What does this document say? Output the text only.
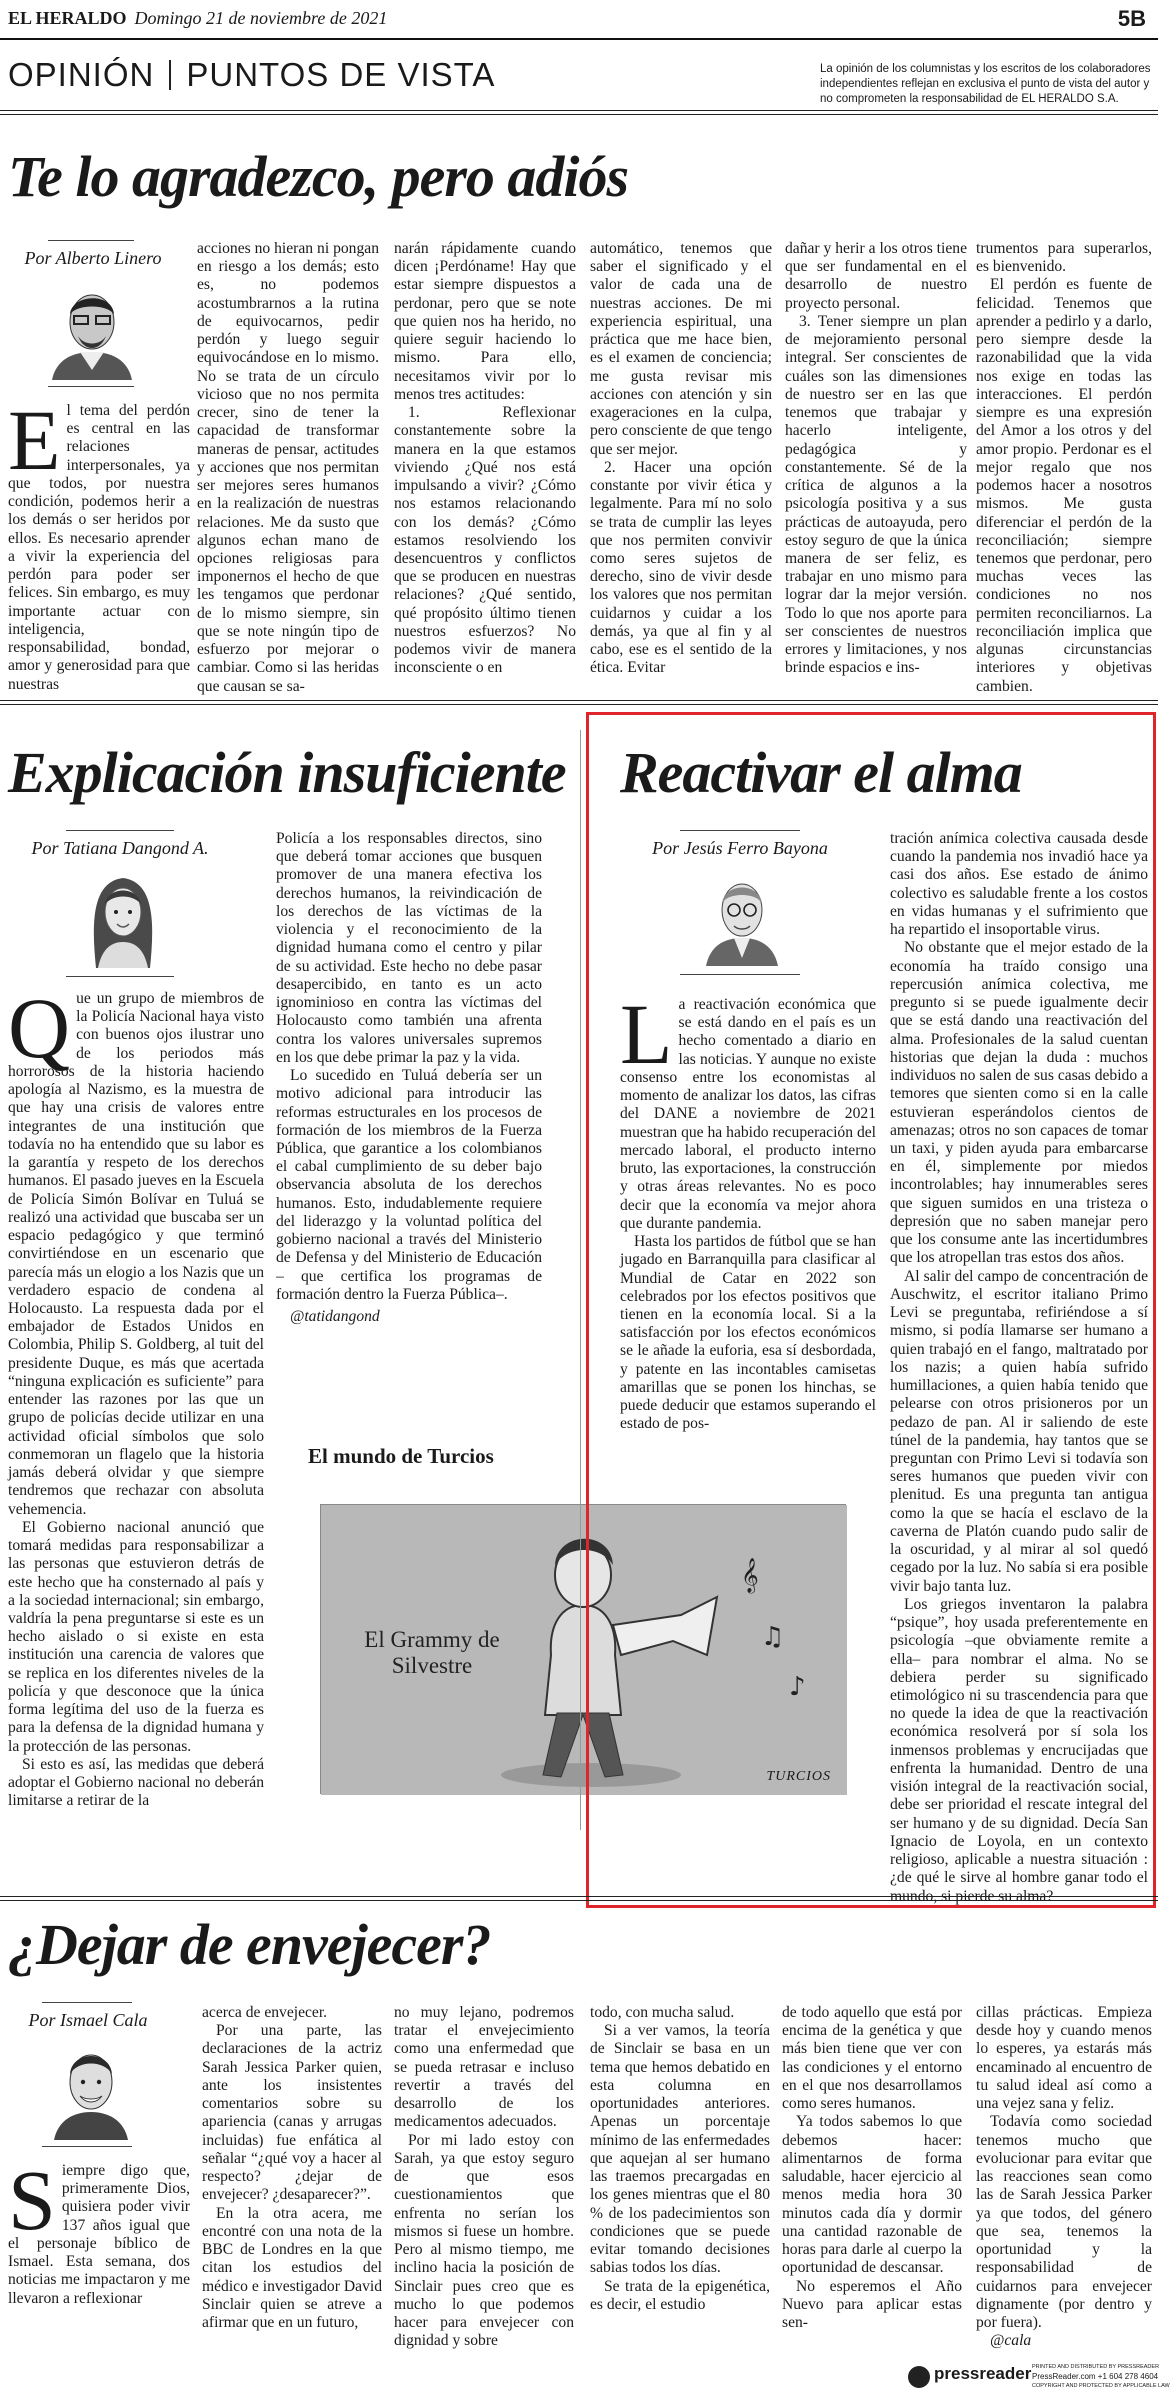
EL HERALDO Domingo 21 de noviembre de 2021	5B
OPINIÓN PUNTOS DE VISTA	La opinión de los columnistas y los escritos de los colaboradores independientes reflejan en exclusiva el punto de vista del autor y no comprometen la responsabilidad de EL HERALDO S.A.
Te lo agradezco, pero adiós
Por Alberto Linero

El tema del perdón es central en las relaciones interpersonales, ya que todos, por nuestra condición, podemos herir a los demás o ser heridos por ellos. Es necesario aprender a vivir la experiencia del perdón para poder ser felices. Sin embargo, es muy importante actuar con inteligencia, responsabilidad, bondad, amor y generosidad para que nuestras

acciones no hieran ni pongan en riesgo a los demás; esto es, no podemos acostumbrarnos a la rutina de equivocarnos, pedir perdón y luego seguir equivocándose en lo mismo. No se trata de un círculo vicioso que no nos permita crecer, sino de tener la capacidad de transformar maneras de pensar, actitudes y acciones que nos permitan ser mejores seres humanos en la realización de nuestras relaciones. Me da susto que algunos echan mano de opciones religiosas para imponernos el hecho de que les tengamos que perdonar de lo mismo siempre, sin que se note ningún tipo de esfuerzo por mejorar o cambiar. Como si las heridas que causan se sa-

narán rápidamente cuando dicen ¡Perdóname! Hay que estar siempre dispuestos a perdonar, pero que se note que quien nos ha herido, no quiere seguir haciendo lo mismo. Para ello, necesitamos vivir por lo menos tres actitudes:

1. Reflexionar constantemente sobre la manera en la que estamos viviendo ¿Qué nos está impulsando a vivir? ¿Cómo nos estamos relacionando con los demás? ¿Cómo estamos resolviendo los desencuentros y conflictos que se producen en nuestras relaciones? ¿Qué sentido, qué propósito último tienen nuestros esfuerzos? No podemos vivir de manera inconsciente o en

automático, tenemos que saber el significado y el valor de cada una de nuestras acciones. De mi experiencia espiritual, una práctica que me hace bien, es el examen de conciencia; me gusta revisar mis acciones con atención y sin exageraciones en la culpa, pero consciente de que tengo que ser mejor.

2. Hacer una opción constante por vivir ética y legalmente. Para mí no solo se trata de cumplir las leyes que nos permiten convivir como seres sujetos de derecho, sino de vivir desde los valores que nos permitan cuidarnos y cuidar a los demás, ya que al fin y al cabo, ese es el sentido de la ética. Evitar

dañar y herir a los otros tiene que ser fundamental en el desarrollo de nuestro proyecto personal.

3. Tener siempre un plan de mejoramiento personal integral. Ser conscientes de cuáles son las dimensiones de nuestro ser en las que tenemos que trabajar y hacerlo inteligente, pedagógica y constantemente. Sé de la crítica de algunos a la psicología positiva y a sus prácticas de autoayuda, pero estoy seguro de que la única manera de ser feliz, es trabajar en uno mismo para lograr dar la mejor versión. Todo lo que nos aporte para ser conscientes de nuestros errores y limitaciones, y nos brinde espacios e ins-

trumentos para superarlos, es bienvenido.

El perdón es fuente de felicidad. Tenemos que aprender a pedirlo y a darlo, pero siempre desde la razonabilidad que la vida nos exige en todas las interacciones. El perdón siempre es una expresión del Amor a los otros y del amor propio. Perdonar es el mejor regalo que nos podemos hacer a nosotros mismos. Me gusta diferenciar el perdón de la reconciliación; siempre tenemos que perdonar, pero muchas veces las condiciones no nos permiten reconciliarnos. La reconciliación implica que algunas circunstancias interiores y objetivas cambien.

Explicación insuficiente
Por Tatiana Dangond A.

Que un grupo de miembros de la Policía Nacional haya visto con buenos ojos ilustrar uno de los periodos más horrorosos de la historia haciendo apología al Nazismo, es la muestra de que hay una crisis de valores entre integrantes de una institución que todavía no ha entendido que su labor es la garantía y respeto de los derechos humanos. El pasado jueves en la Escuela de Policía Simón Bolívar en Tuluá se realizó una actividad que buscaba ser un espacio pedagógico y que terminó convirtiéndose en un escenario que parecía más un elogio a los Nazis que un verdadero espacio de condena al Holocausto. La respuesta dada por el embajador de Estados Unidos en Colombia, Philip S. Goldberg, al tuit del presidente Duque, es más que acertada “ninguna explicación es suficiente” para entender las razones por las que un grupo de policías decide utilizar en una actividad oficial símbolos que solo conmemoran un flagelo que la historia jamás deberá olvidar y que siempre tendremos que rechazar con absoluta vehemencia.

El Gobierno nacional anunció que tomará medidas para responsabilizar a las personas que estuvieron detrás de este hecho que ha consternado al país y a la sociedad internacional; sin embargo, valdría la pena preguntarse si este es un hecho aislado o si existe en esta institución una carencia de valores que se replica en los diferentes niveles de la policía y que desconoce que la única forma legítima del uso de la fuerza es para la defensa de la dignidad humana y la protección de las personas.

Si esto es así, las medidas que deberá adoptar el Gobierno nacional no deberán limitarse a retirar de la

Policía a los responsables directos, sino que deberá tomar acciones que busquen promover de una manera efectiva los derechos humanos, la reivindicación de los derechos de las víctimas de la violencia y el reconocimiento de la dignidad humana como el centro y pilar de su actividad. Este hecho no debe pasar desapercibido, en tanto es un acto ignominioso en contra las víctimas del Holocausto como también una afrenta contra los valores universales supremos en los que debe primar la paz y la vida.

Lo sucedido en Tuluá debería ser un motivo adicional para introducir las reformas estructurales en los procesos de formación de los miembros de la Fuerza Pública, que garantice a los colombianos el cabal cumplimiento de su deber bajo observancia absoluta de los derechos humanos. Esto, indudablemente requiere del liderazgo y la voluntad política del gobierno nacional a través del Ministerio de Defensa y del Ministerio de Educación – que certifica los programas de formación dentro la Fuerza Pública–.

@tatidangond

El mundo de Turcios
𝄞
♫
♪
El Grammy de Silvestre
TURCIOS
Reactivar el alma
Por Jesús Ferro Bayona

La reactivación económica que se está dando en el país es un hecho comentado a diario en las noticias. Y aunque no existe consenso entre los economistas al momento de analizar los datos, las cifras del DANE a noviembre de 2021 muestran que ha habido recuperación del mercado laboral, el producto interno bruto, las exportaciones, la construcción y otras áreas relevantes. No es poco decir que la economía va mejor ahora que durante pandemia.

Hasta los partidos de fútbol que se han jugado en Barranquilla para clasificar al Mundial de Catar en 2022 son celebrados por los efectos positivos que tienen en la economía local. Si a la satisfacción por los efectos económicos se le añade la euforia, esa sí desbordada, y patente en las incontables camisetas amarillas que se ponen los hinchas, se puede deducir que estamos superando el estado de pos-

tración anímica colectiva causada desde cuando la pandemia nos invadió hace ya casi dos años. Ese estado de ánimo colectivo es saludable frente a los costos en vidas humanas y el sufrimiento que ha repartido el insoportable virus.

No obstante que el mejor estado de la economía ha traído consigo una repercusión anímica colectiva, me pregunto si se puede igualmente decir que se está dando una reactivación del alma. Profesionales de la salud cuentan historias que dejan la duda : muchos individuos no salen de sus casas debido a temores que sienten como si en la calle estuvieran esperándolos cientos de amenazas; otros no son capaces de tomar un taxi, y piden ayuda para embarcarse en él, simplemente por miedos incontrolables; hay innumerables seres que siguen sumidos en una tristeza o depresión que no saben manejar pero que los consume ante las incertidumbres que los atropellan tras estos dos años.

Al salir del campo de concentración de Auschwitz, el escritor italiano Primo Levi se preguntaba, refiriéndose a sí mismo, si podía llamarse ser humano a quien trabajó en el fango, maltratado por los nazis; a quien había sufrido humillaciones, a quien había tenido que pelearse con otros prisioneros por un pedazo de pan. Al ir saliendo de este túnel de la pandemia, hay tantos que se preguntan con Primo Levi si todavía son seres humanos que pueden vivir con plenitud. Es una pregunta tan antigua como la que se hacía el esclavo de la caverna de Platón cuando pudo salir de la oscuridad, y al mirar al sol quedó cegado por la luz. No sabía si era posible vivir bajo tanta luz.

Los griegos inventaron la palabra “psique”, hoy usada preferentemente en psicología –que obviamente remite a ella– para nombrar el alma. No se debiera perder su significado etimológico ni su trascendencia para que no quede la idea de que la reactivación económica resolverá por sí sola los inmensos problemas y encrucijadas que enfrenta la humanidad. Dentro de una visión integral de la reactivación social, debe ser prioridad el rescate integral del ser humano y de su dignidad. Decía San Ignacio de Loyola, en un contexto religioso, aplicable a nuestra situación : ¿de qué le sirve al hombre ganar todo el mundo, si pierde su alma?

¿Dejar de envejecer?
Por Ismael Cala

Siempre digo que, primeramente Dios, quisiera poder vivir 137 años igual que el personaje bíblico de Ismael. Esta semana, dos noticias me impactaron y me llevaron a reflexionar

acerca de envejecer.

Por una parte, las declaraciones de la actriz Sarah Jessica Parker quien, ante los insistentes comentarios sobre su apariencia (canas y arrugas incluidas) fue enfática al señalar “¿qué voy a hacer al respecto? ¿dejar de envejecer? ¿desaparecer?”.

En la otra acera, me encontré con una nota de la BBC de Londres en la que citan los estudios del médico e investigador David Sinclair quien se atreve a afirmar que en un futuro,

no muy lejano, podremos tratar el envejecimiento como una enfermedad que se pueda retrasar e incluso revertir a través del desarrollo de los medicamentos adecuados.

Por mi lado estoy con Sarah, ya que estoy seguro de que esos cuestionamientos que enfrenta no serían los mismos si fuese un hombre. Pero al mismo tiempo, me inclino hacia la posición de Sinclair pues creo que es mucho lo que podemos hacer para envejecer con dignidad y sobre

todo, con mucha salud.

Si a ver vamos, la teoría de Sinclair se basa en un tema que hemos debatido en esta columna en oportunidades anteriores. Apenas un porcentaje mínimo de las enfermedades que aquejan al ser humano las traemos precargadas en los genes mientras que el 80 % de los padecimientos son condiciones que se puede evitar tomando decisiones sabias todos los días.

Se trata de la epigenética, es decir, el estudio

de todo aquello que está por encima de la genética y que más bien tiene que ver con las condiciones y el entorno en el que nos desarrollamos como seres humanos.

Ya todos sabemos lo que debemos hacer: alimentarnos de forma saludable, hacer ejercicio al menos media hora 30 minutos cada día y dormir una cantidad razonable de horas para darle al cuerpo la oportunidad de descansar.

No esperemos el Año Nuevo para aplicar estas sen-

cillas prácticas. Empieza desde hoy y cuando menos lo esperes, ya estarás más encaminado al encuentro de tu salud ideal así como a una vejez sana y feliz.

Todavía como sociedad tenemos mucho que evolucionar para evitar que las reacciones sean como las de Sarah Jessica Parker ya que todos, del género que sea, tenemos la oportunidad y la responsabilidad de cuidarnos para envejecer dignamente (por dentro y por fuera).

@cala

pressreader PRINTED AND DISTRIBUTED BY PRESSREADER
PressReader.com +1 604 278 4604
COPYRIGHT AND PROTECTED BY APPLICABLE LAW
